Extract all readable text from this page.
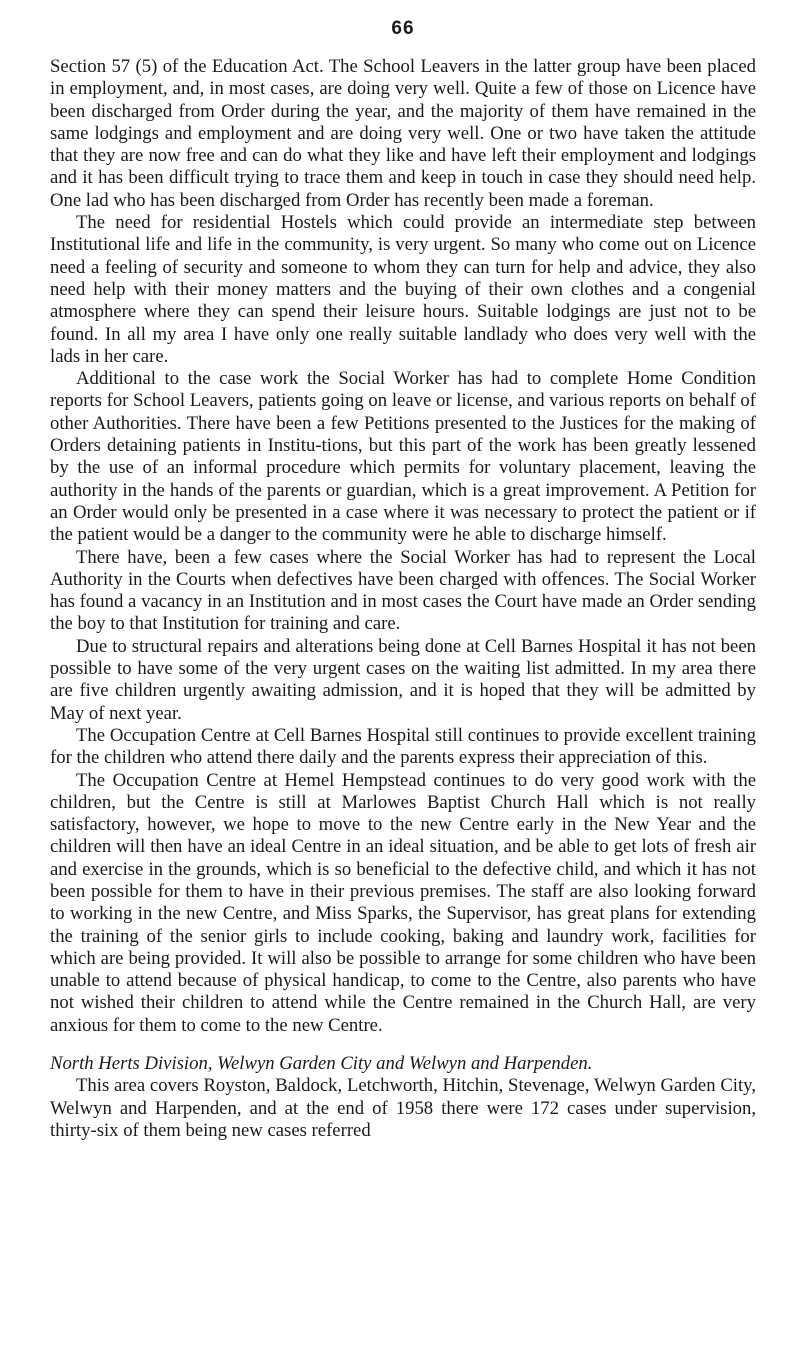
66

Section 57 (5) of the Education Act. The School Leavers in the latter group have been placed in employment, and, in most cases, are doing very well. Quite a few of those on Licence have been discharged from Order during the year, and the majority of them have remained in the same lodgings and employment and are doing very well. One or two have taken the attitude that they are now free and can do what they like and have left their employment and lodgings and it has been difficult trying to trace them and keep in touch in case they should need help. One lad who has been discharged from Order has recently been made a foreman.

The need for residential Hostels which could provide an intermediate step between Institutional life and life in the community, is very urgent. So many who come out on Licence need a feeling of security and someone to whom they can turn for help and advice, they also need help with their money matters and the buying of their own clothes and a congenial atmosphere where they can spend their leisure hours. Suitable lodgings are just not to be found. In all my area I have only one really suitable landlady who does very well with the lads in her care.

Additional to the case work the Social Worker has had to complete Home Condition reports for School Leavers, patients going on leave or license, and various reports on behalf of other Authorities. There have been a few Petitions presented to the Justices for the making of Orders detaining patients in Institu-tions, but this part of the work has been greatly lessened by the use of an informal procedure which permits for voluntary placement, leaving the authority in the hands of the parents or guardian, which is a great improvement. A Petition for an Order would only be presented in a case where it was necessary to protect the patient or if the patient would be a danger to the community were he able to discharge himself.

There have, been a few cases where the Social Worker has had to represent the Local Authority in the Courts when defectives have been charged with offences. The Social Worker has found a vacancy in an Institution and in most cases the Court have made an Order sending the boy to that Institution for training and care.

Due to structural repairs and alterations being done at Cell Barnes Hospital it has not been possible to have some of the very urgent cases on the waiting list admitted. In my area there are five children urgently awaiting admission, and it is hoped that they will be admitted by May of next year.

The Occupation Centre at Cell Barnes Hospital still continues to provide excellent training for the children who attend there daily and the parents express their appreciation of this.

The Occupation Centre at Hemel Hempstead continues to do very good work with the children, but the Centre is still at Marlowes Baptist Church Hall which is not really satisfactory, however, we hope to move to the new Centre early in the New Year and the children will then have an ideal Centre in an ideal situation, and be able to get lots of fresh air and exercise in the grounds, which is so beneficial to the defective child, and which it has not been possible for them to have in their previous premises. The staff are also looking forward to working in the new Centre, and Miss Sparks, the Supervisor, has great plans for extending the training of the senior girls to include cooking, baking and laundry work, facilities for which are being provided. It will also be possible to arrange for some children who have been unable to attend because of physical handicap, to come to the Centre, also parents who have not wished their children to attend while the Centre remained in the Church Hall, are very anxious for them to come to the new Centre.

North Herts Division, Welwyn Garden City and Welwyn and Harpenden.

This area covers Royston, Baldock, Letchworth, Hitchin, Stevenage, Welwyn Garden City, Welwyn and Harpenden, and at the end of 1958 there were 172 cases under supervision, thirty-six of them being new cases referred
